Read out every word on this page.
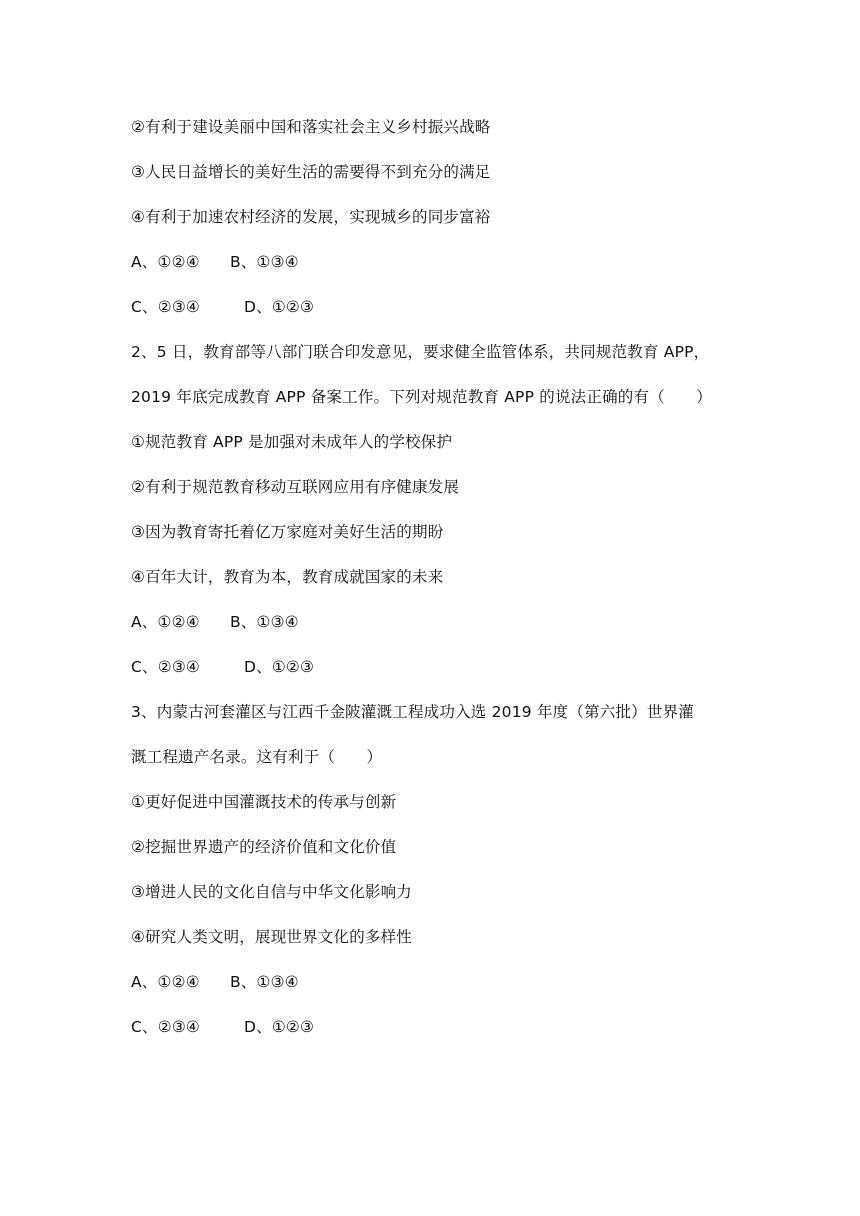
②有利于建设美丽中国和落实社会主义乡村振兴战略
③人民日益增长的美好生活的需要得不到充分的满足
④有利于加速农村经济的发展，实现城乡的同步富裕
A、①②④	B、①③④
C、②③④	D、①②③
2、5 日，教育部等八部门联合印发意见，要求健全监管体系，共同规范教育 APP，
2019 年底完成教育 APP 备案工作。下列对规范教育 APP 的说法正确的有（　　）
①规范教育 APP 是加强对未成年人的学校保护
②有利于规范教育移动互联网应用有序健康发展
③因为教育寄托着亿万家庭对美好生活的期盼
④百年大计，教育为本，教育成就国家的未来
A、①②④	B、①③④
C、②③④	D、①②③
3、内蒙古河套灌区与江西千金陂灌溉工程成功入选 2019 年度（第六批）世界灌
溉工程遗产名录。这有利于（　　）
①更好促进中国灌溉技术的传承与创新
②挖掘世界遗产的经济价值和文化价值
③增进人民的文化自信与中华文化影响力
④研究人类文明，展现世界文化的多样性
A、①②④	B、①③④
C、②③④	D、①②③
